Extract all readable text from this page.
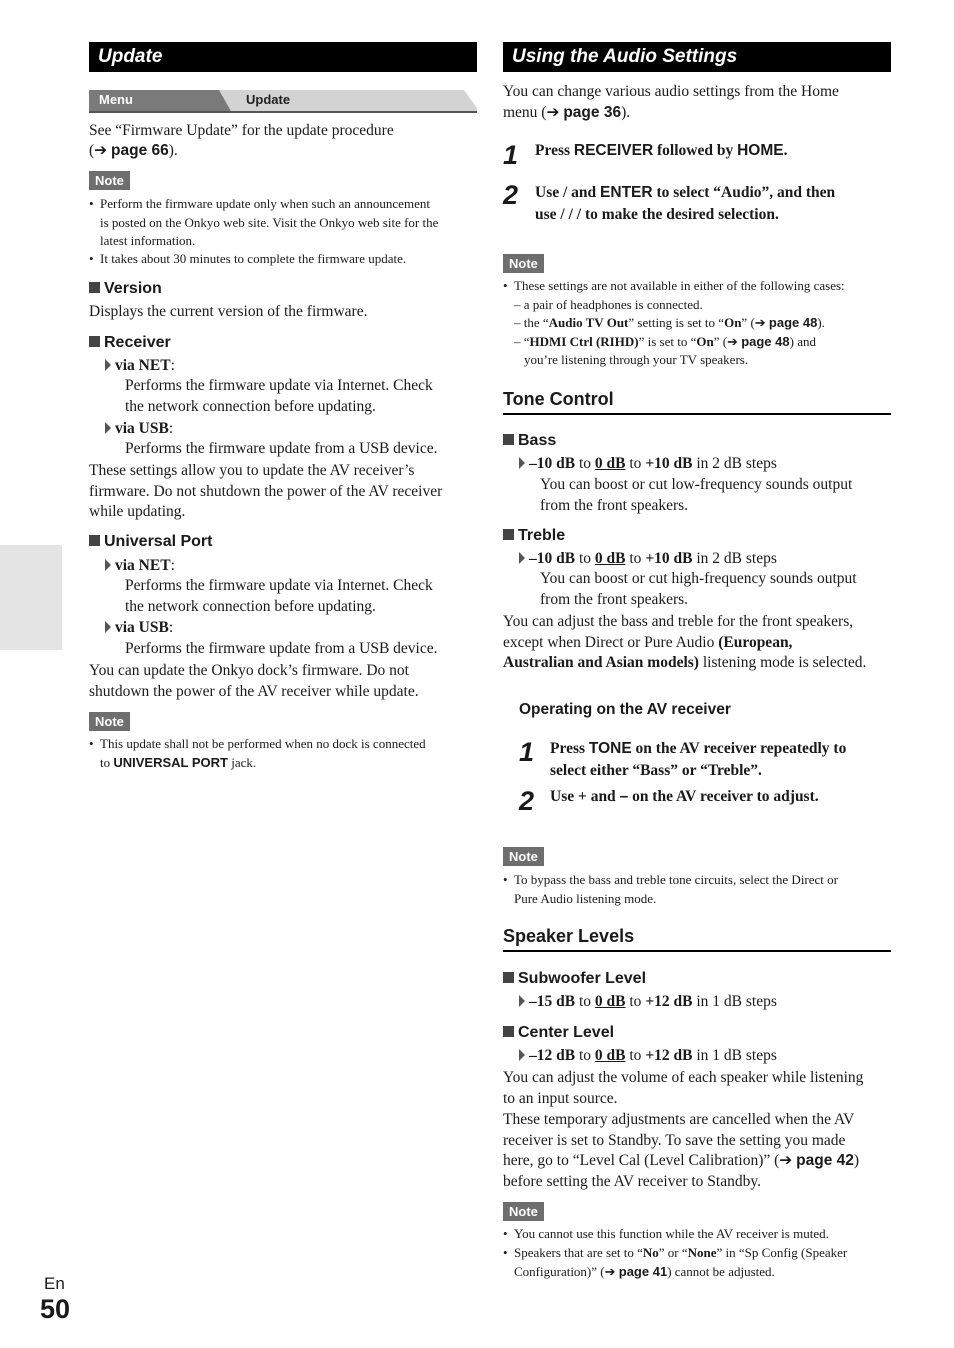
Update
Menu	Update
See “Firmware Update” for the update procedure
(➔ page 66).
Note
• Perform the firmware update only when such an announcement
is posted on the Onkyo web site. Visit the Onkyo web site for the
latest information.
• It takes about 30 minutes to complete the firmware update.
Version
Displays the current version of the firmware.
Receiver
via NET:
Performs the firmware update via Internet. Check
the network connection before updating.
via USB:
Performs the firmware update from a USB device.
These settings allow you to update the AV receiver’s
firmware. Do not shutdown the power of the AV receiver
while updating.
Universal Port
via NET:
Performs the firmware update via Internet. Check
the network connection before updating.
via USB:
Performs the firmware update from a USB device.
You can update the Onkyo dock’s firmware. Do not
shutdown the power of the AV receiver while update.
Note
• This update shall not be performed when no dock is connected
to UNIVERSAL PORT jack.
Using the Audio Settings
You can change various audio settings from the Home
menu (➔ page 36).
1 Press RECEIVER followed by HOME.
2 Use / and ENTER to select “Audio”, and then
use / / / to make the desired selection.
Note
• These settings are not available in either of the following cases:
– a pair of headphones is connected.
– the “Audio TV Out” setting is set to “On” (➔ page 48).
– “HDMI Ctrl (RIHD)” is set to “On” (➔ page 48) and
you’re listening through your TV speakers.
Tone Control
Bass
–10 dB to 0 dB to +10 dB in 2 dB steps
You can boost or cut low-frequency sounds output
from the front speakers.
Treble
–10 dB to 0 dB to +10 dB in 2 dB steps
You can boost or cut high-frequency sounds output
from the front speakers.
You can adjust the bass and treble for the front speakers,
except when Direct or Pure Audio (European,
Australian and Asian models) listening mode is selected.
Operating on the AV receiver
1 Press TONE on the AV receiver repeatedly to
select either “Bass” or “Treble”.
2 Use + and – on the AV receiver to adjust.
Note
• To bypass the bass and treble tone circuits, select the Direct or
Pure Audio listening mode.
Speaker Levels
Subwoofer Level
–15 dB to 0 dB to +12 dB in 1 dB steps
Center Level
–12 dB to 0 dB to +12 dB in 1 dB steps
You can adjust the volume of each speaker while listening
to an input source.
These temporary adjustments are cancelled when the AV
receiver is set to Standby. To save the setting you made
here, go to “Level Cal (Level Calibration)” (➔ page 42)
before setting the AV receiver to Standby.
Note
• You cannot use this function while the AV receiver is muted.
• Speakers that are set to “No” or “None” in “Sp Config (Speaker
Configuration)” (➔ page 41) cannot be adjusted.
En
50
